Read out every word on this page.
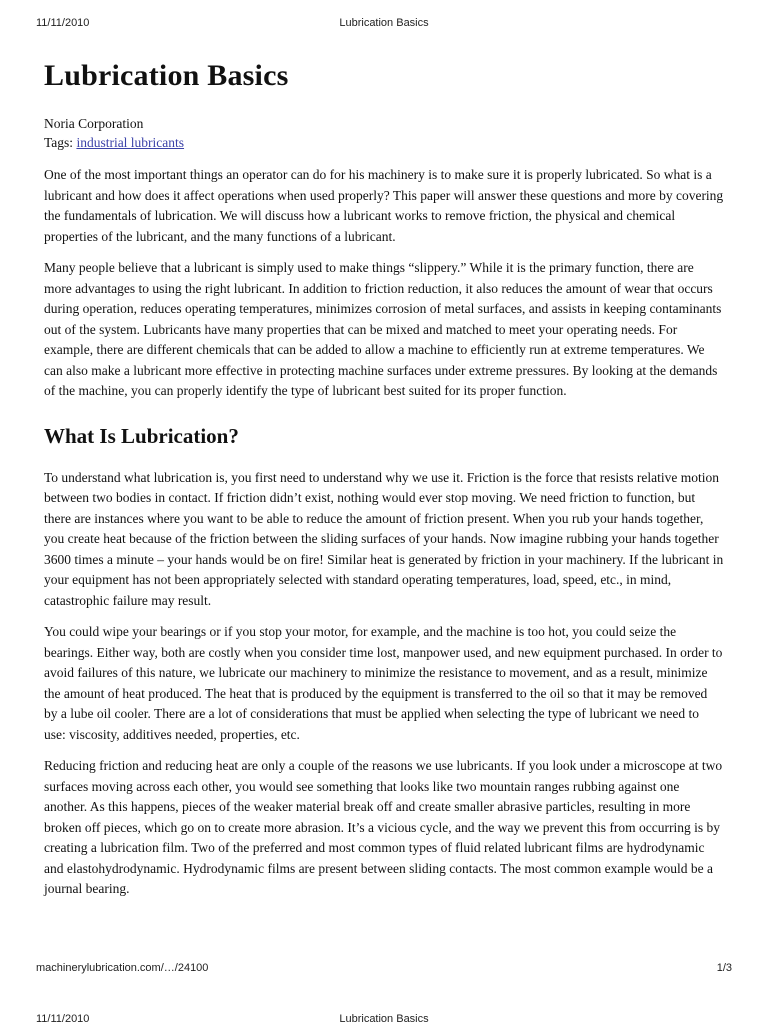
11/11/2010	Lubrication Basics
Lubrication Basics
Noria Corporation
Tags: industrial lubricants

One of the most important things an operator can do for his machinery is to make sure it is properly lubricated. So what is a lubricant and how does it affect operations when used properly? This paper will answer these questions and more by covering the fundamentals of lubrication. We will discuss how a lubricant works to remove friction, the physical and chemical properties of the lubricant, and the many functions of a lubricant.

Many people believe that a lubricant is simply used to make things “slippery.” While it is the primary function, there are more advantages to using the right lubricant. In addition to friction reduction, it also reduces the amount of wear that occurs during operation, reduces operating temperatures, minimizes corrosion of metal surfaces, and assists in keeping contaminants out of the system. Lubricants have many properties that can be mixed and matched to meet your operating needs. For example, there are different chemicals that can be added to allow a machine to efficiently run at extreme temperatures. We can also make a lubricant more effective in protecting machine surfaces under extreme pressures. By looking at the demands of the machine, you can properly identify the type of lubricant best suited for its proper function.

What Is Lubrication?

To understand what lubrication is, you first need to understand why we use it. Friction is the force that resists relative motion between two bodies in contact. If friction didn’t exist, nothing would ever stop moving. We need friction to function, but there are instances where you want to be able to reduce the amount of friction present. When you rub your hands together, you create heat because of the friction between the sliding surfaces of your hands. Now imagine rubbing your hands together 3600 times a minute – your hands would be on fire! Similar heat is generated by friction in your machinery. If the lubricant in your equipment has not been appropriately selected with standard operating temperatures, load, speed, etc., in mind, catastrophic failure may result.

You could wipe your bearings or if you stop your motor, for example, and the machine is too hot, you could seize the bearings. Either way, both are costly when you consider time lost, manpower used, and new equipment purchased. In order to avoid failures of this nature, we lubricate our machinery to minimize the resistance to movement, and as a result, minimize the amount of heat produced. The heat that is produced by the equipment is transferred to the oil so that it may be removed by a lube oil cooler. There are a lot of considerations that must be applied when selecting the type of lubricant we need to use: viscosity, additives needed, properties, etc.

Reducing friction and reducing heat are only a couple of the reasons we use lubricants. If you look under a microscope at two surfaces moving across each other, you would see something that looks like two mountain ranges rubbing against one another. As this happens, pieces of the weaker material break off and create smaller abrasive particles, resulting in more broken off pieces, which go on to create more abrasion. It’s a vicious cycle, and the way we prevent this from occurring is by creating a lubrication film. Two of the preferred and most common types of fluid related lubricant films are hydrodynamic and elastohydrodynamic. Hydrodynamic films are present between sliding contacts. The most common example would be a journal bearing.

machinerylubrication.com/…/24100	1/3
11/11/2010	Lubrication Basics
